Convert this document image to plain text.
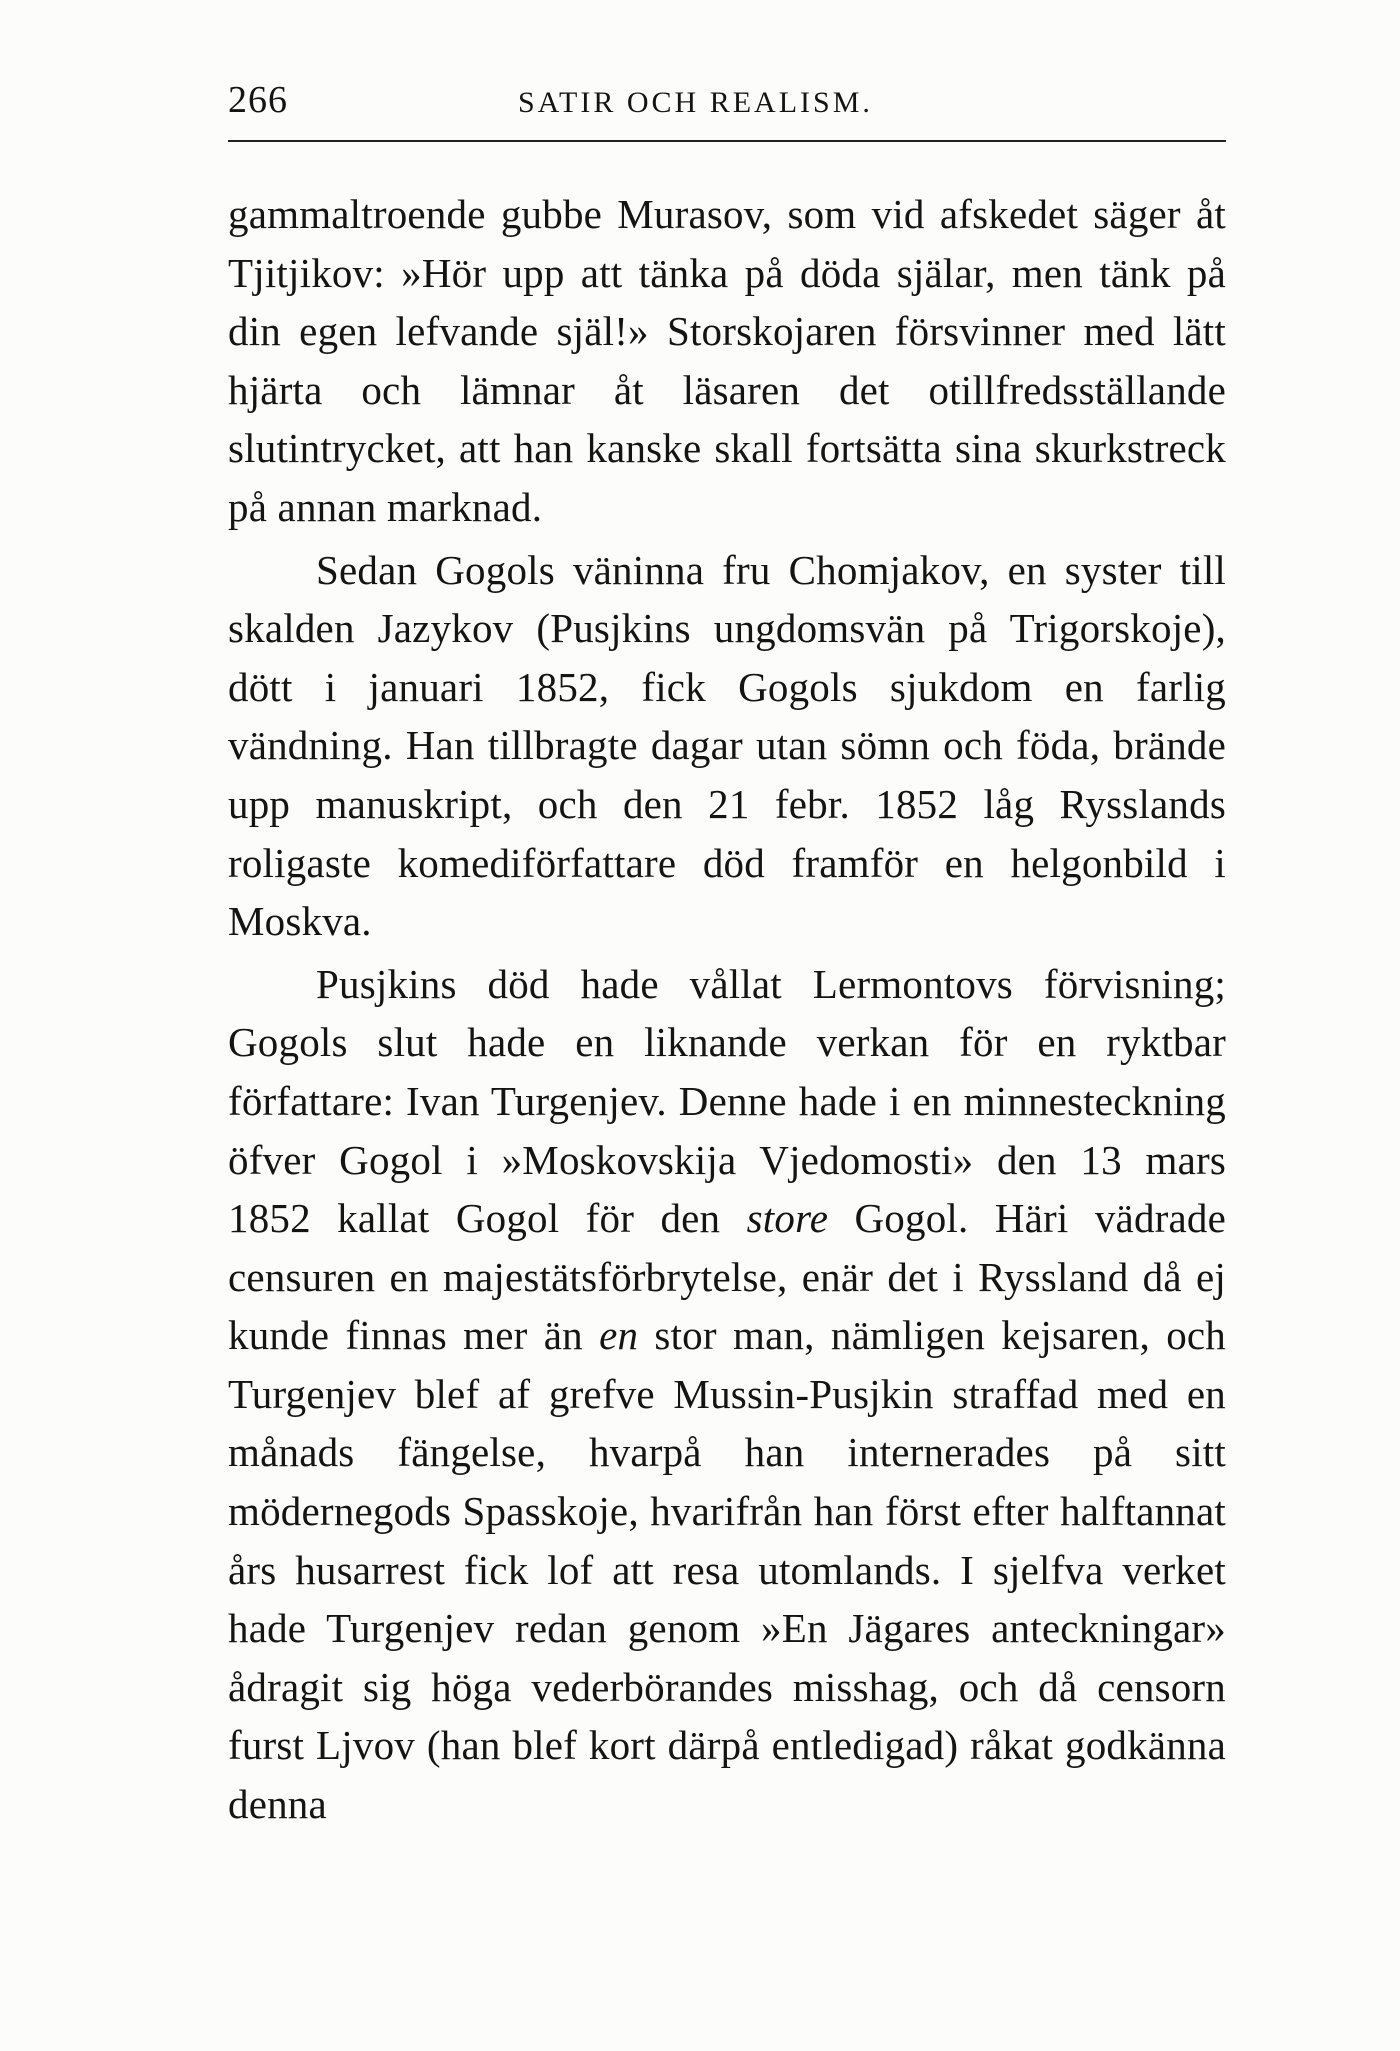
266	SATIR OCH REALISM.

gammaltroende gubbe Murasov, som vid afskedet säger åt Tjitjikov: »Hör upp att tänka på döda själar, men tänk på din egen lefvande själ!» Storskojaren försvinner med lätt hjärta och lämnar åt läsaren det otillfredsställande slutintrycket, att han kanske skall fortsätta sina skurkstreck på annan marknad.

Sedan Gogols väninna fru Chomjakov, en syster till skalden Jazykov (Pusjkins ungdomsvän på Trigorskoje), dött i januari 1852, fick Gogols sjukdom en farlig vändning. Han tillbragte dagar utan sömn och föda, brände upp manuskript, och den 21 febr. 1852 låg Rysslands roligaste komediförfattare död framför en helgonbild i Moskva.

Pusjkins död hade vållat Lermontovs förvisning; Gogols slut hade en liknande verkan för en ryktbar författare: Ivan Turgenjev. Denne hade i en minnesteckning öfver Gogol i »Moskovskija Vjedomosti» den 13 mars 1852 kallat Gogol för den store Gogol. Häri vädrade censuren en majestätsförbrytelse, enär det i Ryssland då ej kunde finnas mer än en stor man, nämligen kejsaren, och Turgenjev blef af grefve Mussin-Pusjkin straffad med en månads fängelse, hvarpå han internerades på sitt mödernegods Spasskoje, hvarifrån han först efter halftannat års husarrest fick lof att resa utomlands. I sjelfva verket hade Turgenjev redan genom »En Jägares anteckningar» ådragit sig höga vederbörandes misshag, och då censorn furst Ljvov (han blef kort därpå entledigad) råkat godkänna denna
